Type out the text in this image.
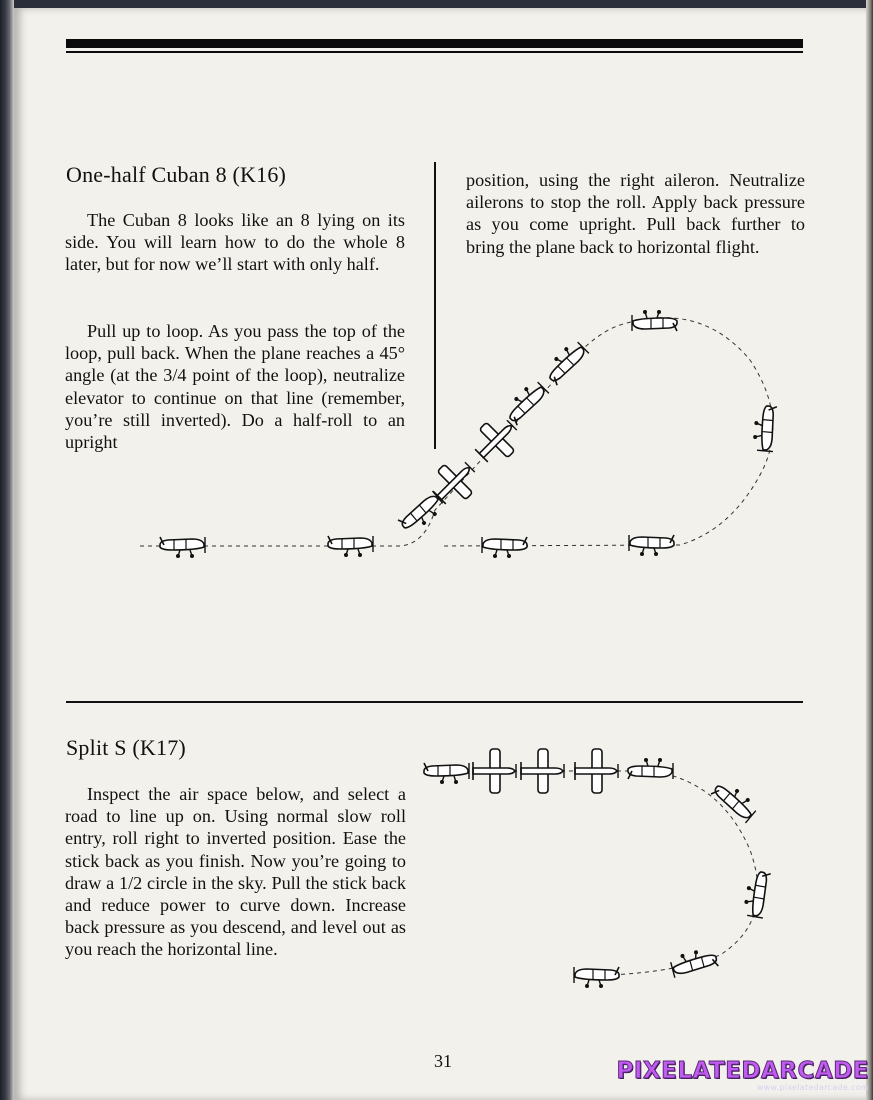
One-half Cuban 8 (K16)

The Cuban 8 looks like an 8 lying on its side. You will learn how to do the whole 8 later, but for now we’ll start with only half.

Pull up to loop. As you pass the top of the loop, pull back. When the plane reaches a 45° angle (at the 3/4 point of the loop), neutralize elevator to continue on that line (remember, you’re still inverted). Do a half-roll to an upright

position, using the right aileron. Neutralize ailerons to stop the roll. Apply back pressure as you come upright. Pull back further to bring the plane back to horizontal flight.

Split S (K17)

Inspect the air space below, and select a road to line up on. Using normal slow roll entry, roll right to inverted position. Ease the stick back as you finish. Now you’re going to draw a 1/2 circle in the sky. Pull the stick back and reduce power to curve down. Increase back pressure as you descend, and level out as you reach the horizontal line.

31	PIXELATEDARCADE
www.pixelatedarcade.com
